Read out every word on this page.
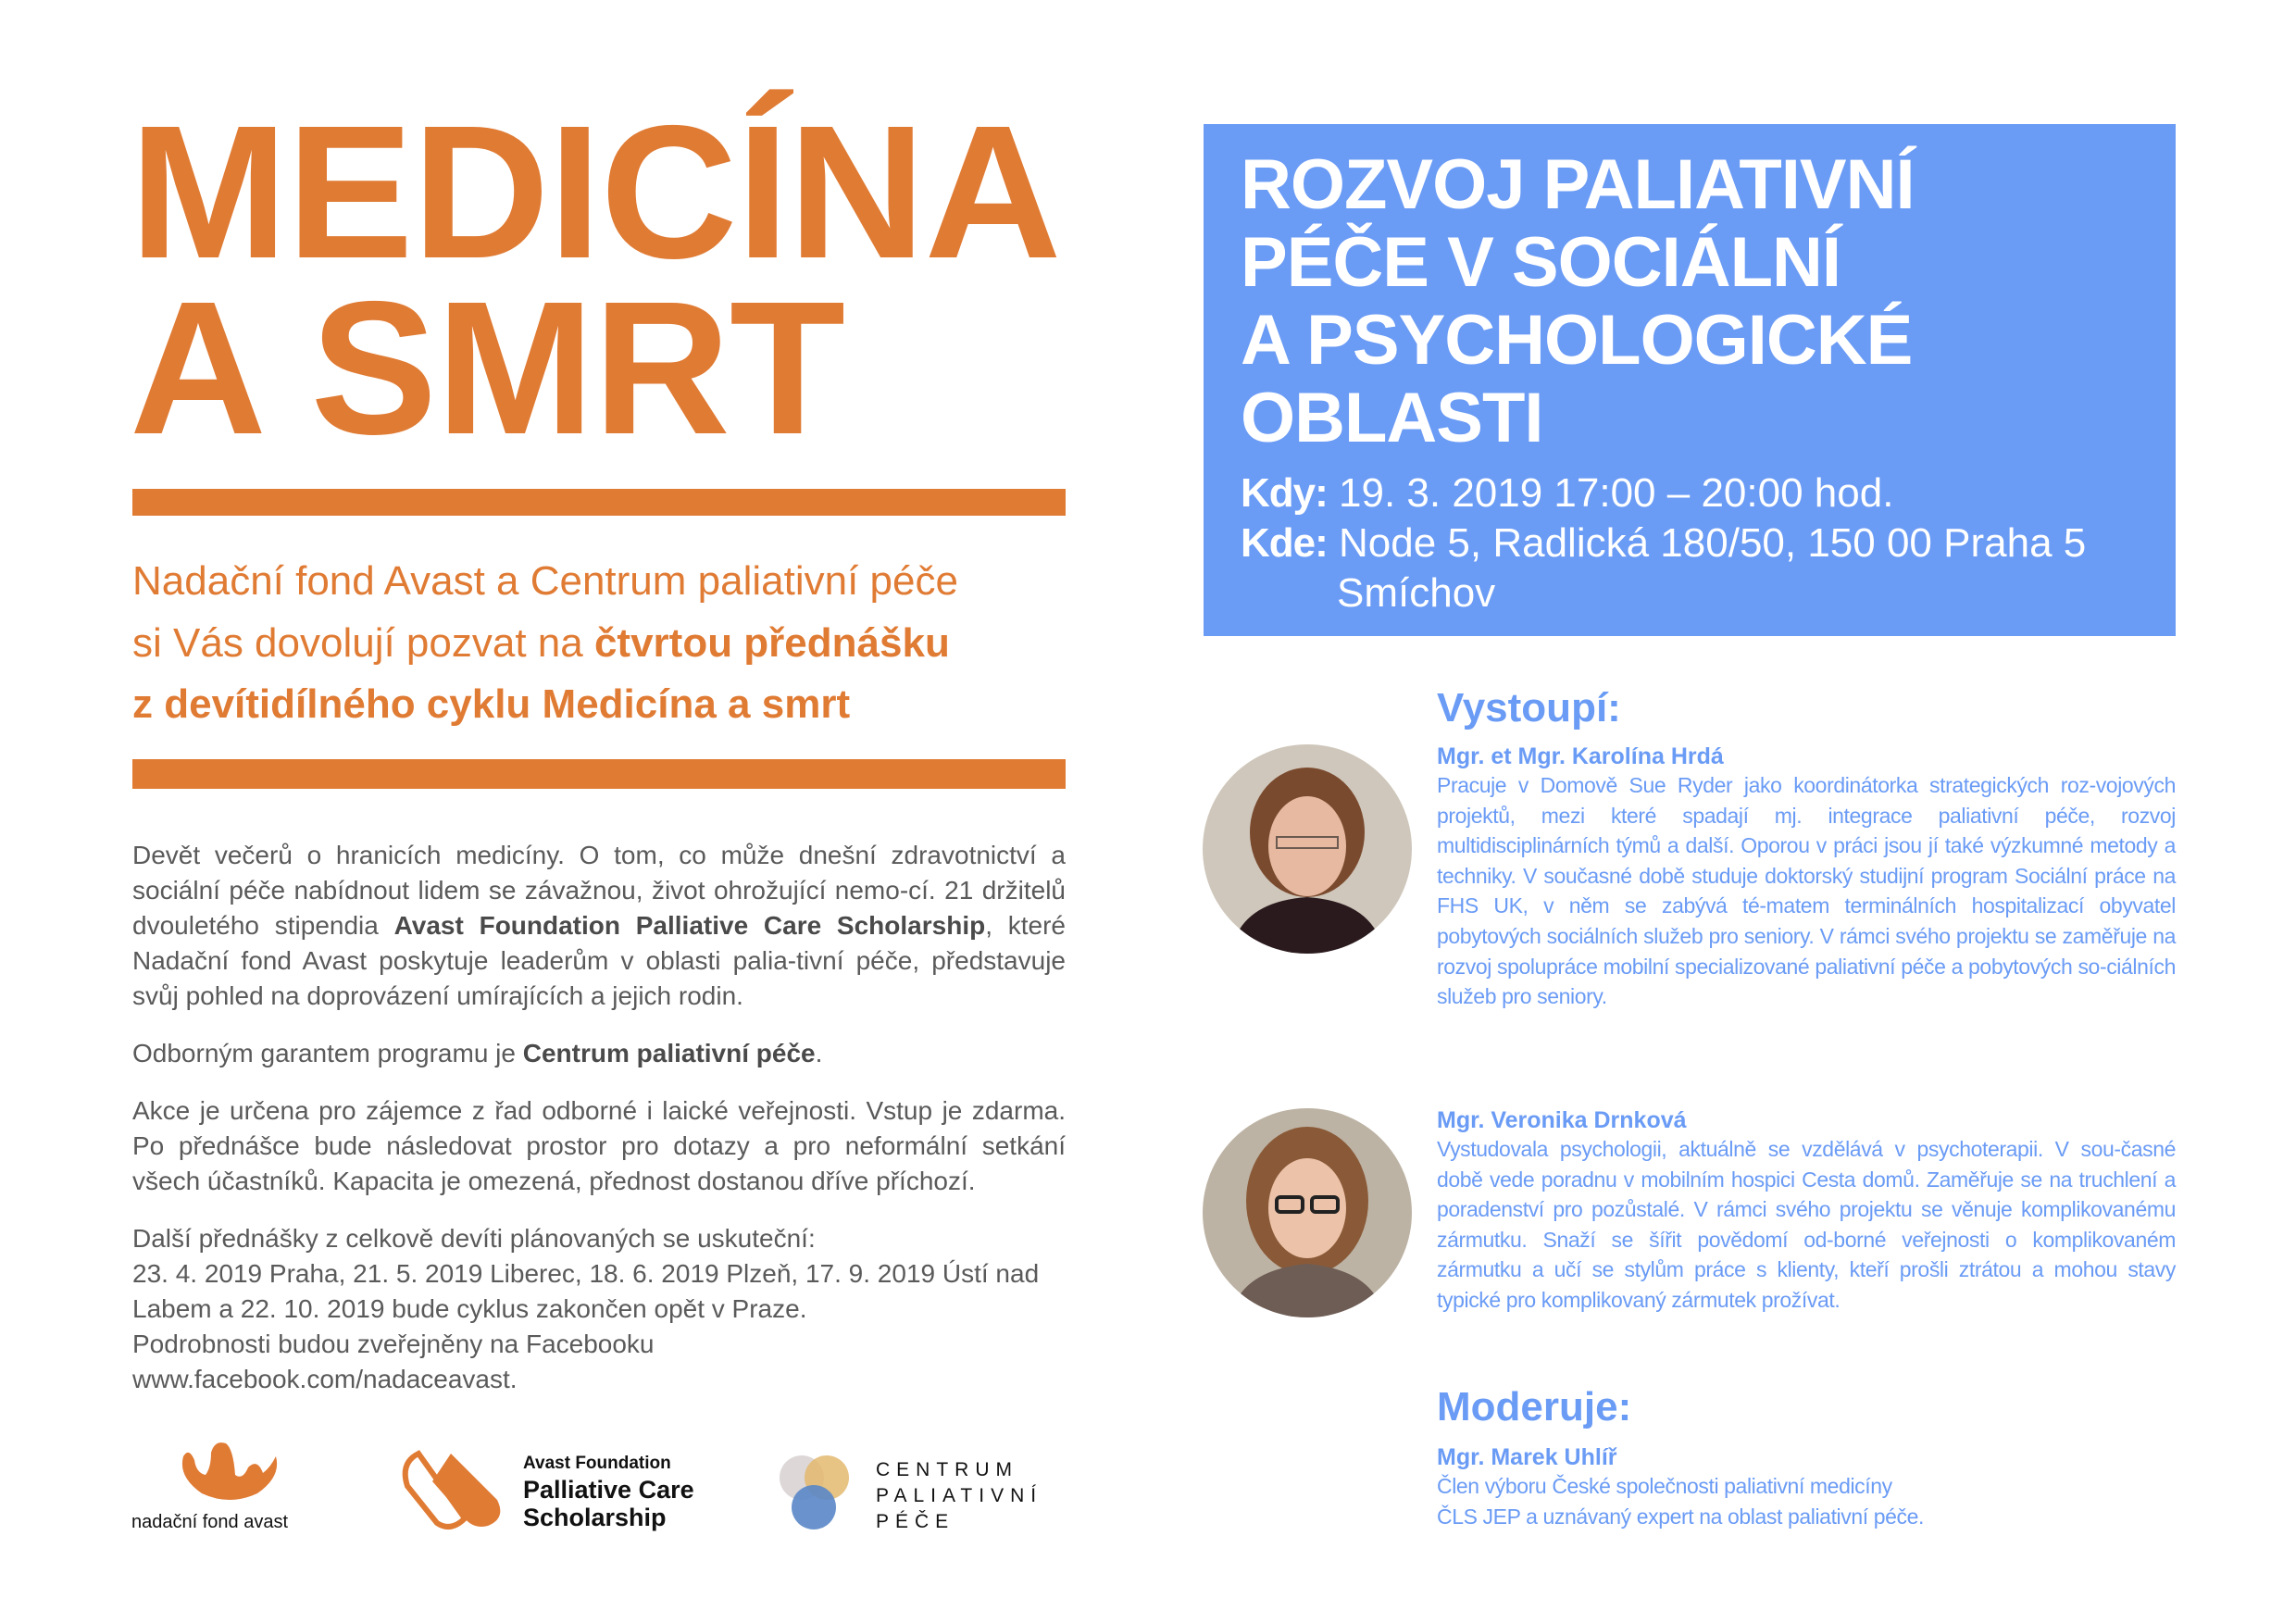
MEDICÍNA
A SMRT
Nadační fond Avast a Centrum paliativní péče
si Vás dovolují pozvat na čtvrtou přednášku
z devítidílného cyklu Medicína a smrt

Devět večerů o hranicích medicíny. O tom, co může dnešní zdravotnictví a sociální péče nabídnout lidem se závažnou, život ohrožující nemo-cí. 21 držitelů dvouletého stipendia Avast Foundation Palliative Care Scholarship, které Nadační fond Avast poskytuje leaderům v oblasti palia-tivní péče, představuje svůj pohled na doprovázení umírajících a jejich rodin.

Odborným garantem programu je Centrum paliativní péče.

Akce je určena pro zájemce z řad odborné i laické veřejnosti. Vstup je zdarma. Po přednášce bude následovat prostor pro dotazy a pro neformální setkání všech účastníků. Kapacita je omezená, přednost dostanou dříve příchozí.

Další přednášky z celkově devíti plánovaných se uskuteční:
23. 4. 2019 Praha, 21. 5. 2019 Liberec, 18. 6. 2019 Plzeň, 17. 9. 2019 Ústí nad
Labem a 22. 10. 2019 bude cyklus zakončen opět v Praze.
Podrobnosti budou zveřejněny na Facebooku
www.facebook.com/nadaceavast.

nadační fond avast
Avast Foundation
Palliative Care
Scholarship
CENTRUM
PALIATIVNÍ
PÉČE
ROZVOJ PALIATIVNÍ
PÉČE V SOCIÁLNÍ
A PSYCHOLOGICKÉ
OBLASTI
Kdy: 19. 3. 2019 17:00 – 20:00 hod.
Kde: Node 5, Radlická 180/50, 150 00 Praha 5
Smíchov
Vystoupí:
Mgr. et Mgr. Karolína Hrdá
Pracuje v Domově Sue Ryder jako koordinátorka strategických roz-vojových projektů, mezi které spadají mj. integrace paliativní péče, rozvoj multidisciplinárních týmů a další. Oporou v práci jsou jí také výzkumné metody a techniky. V současné době studuje doktorský studijní program Sociální práce na FHS UK, v něm se zabývá té-matem terminálních hospitalizací obyvatel pobytových sociálních služeb pro seniory. V rámci svého projektu se zaměřuje na rozvoj spolupráce mobilní specializované paliativní péče a pobytových so-ciálních služeb pro seniory.
Mgr. Veronika Drnková
Vystudovala psychologii, aktuálně se vzdělává v psychoterapii. V sou-časné době vede poradnu v mobilním hospici Cesta domů. Zaměřuje se na truchlení a poradenství pro pozůstalé. V rámci svého projektu se věnuje komplikovanému zármutku. Snaží se šířit povědomí od-borné veřejnosti o komplikovaném zármutku a učí se stylům práce s klienty, kteří prošli ztrátou a mohou stavy typické pro komplikovaný zármutek prožívat.
Moderuje:
Mgr. Marek Uhlíř
Člen výboru České společnosti paliativní medicíny
ČLS JEP a uznávaný expert na oblast paliativní péče.
